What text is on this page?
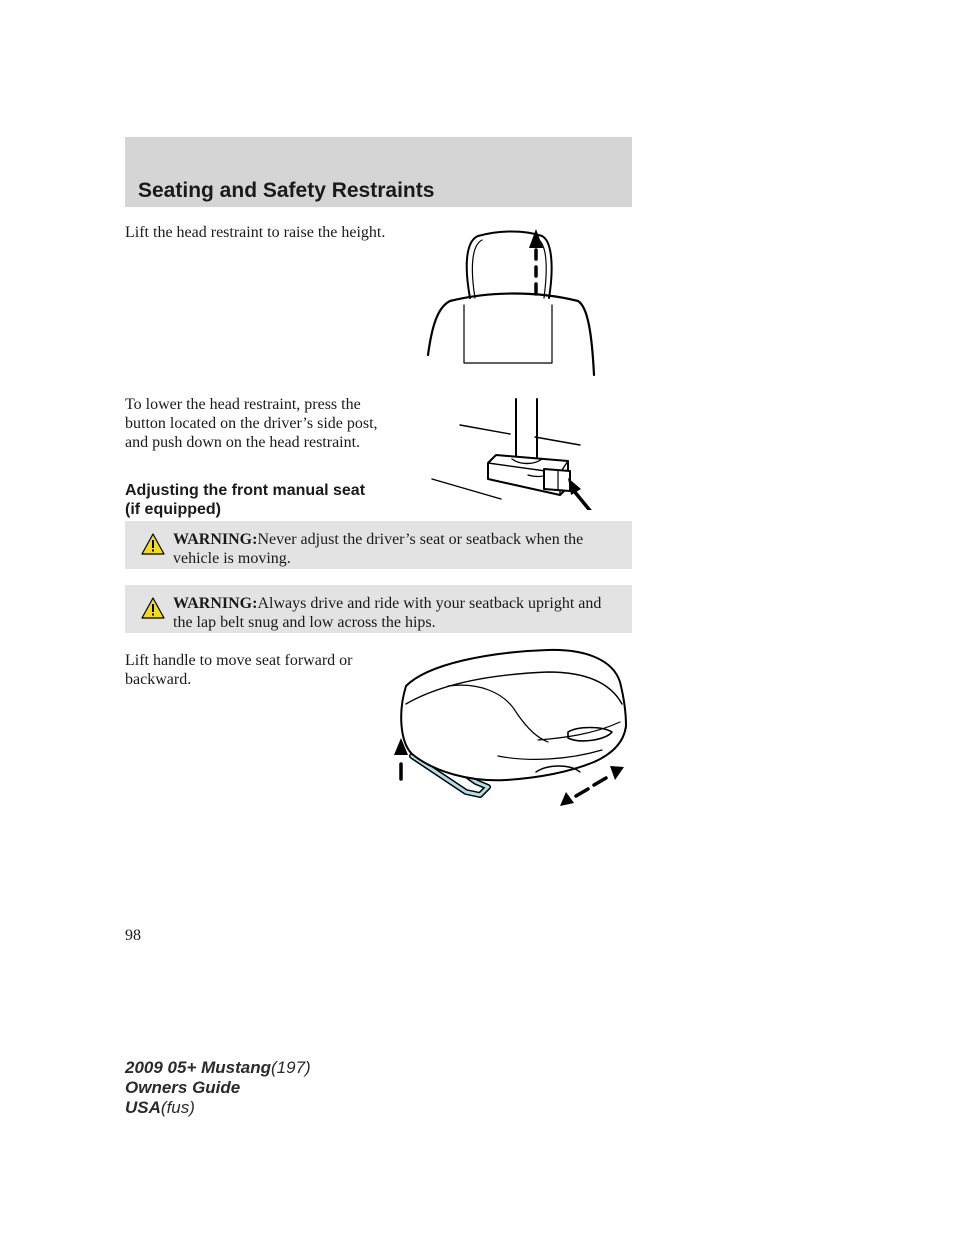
Seating and Safety Restraints

Lift the head restraint to raise the height.

To lower the head restraint, press the button located on the driver’s side post, and push down on the head restraint.

Adjusting the front manual seat
(if equipped)

WARNING:Never adjust the driver’s seat or seatback when the vehicle is moving.

WARNING:Always drive and ride with your seatback upright and the lap belt snug and low across the hips.

Lift handle to move seat forward or backward.

98
2009 05+ Mustang(197)
Owners Guide
USA(fus)
